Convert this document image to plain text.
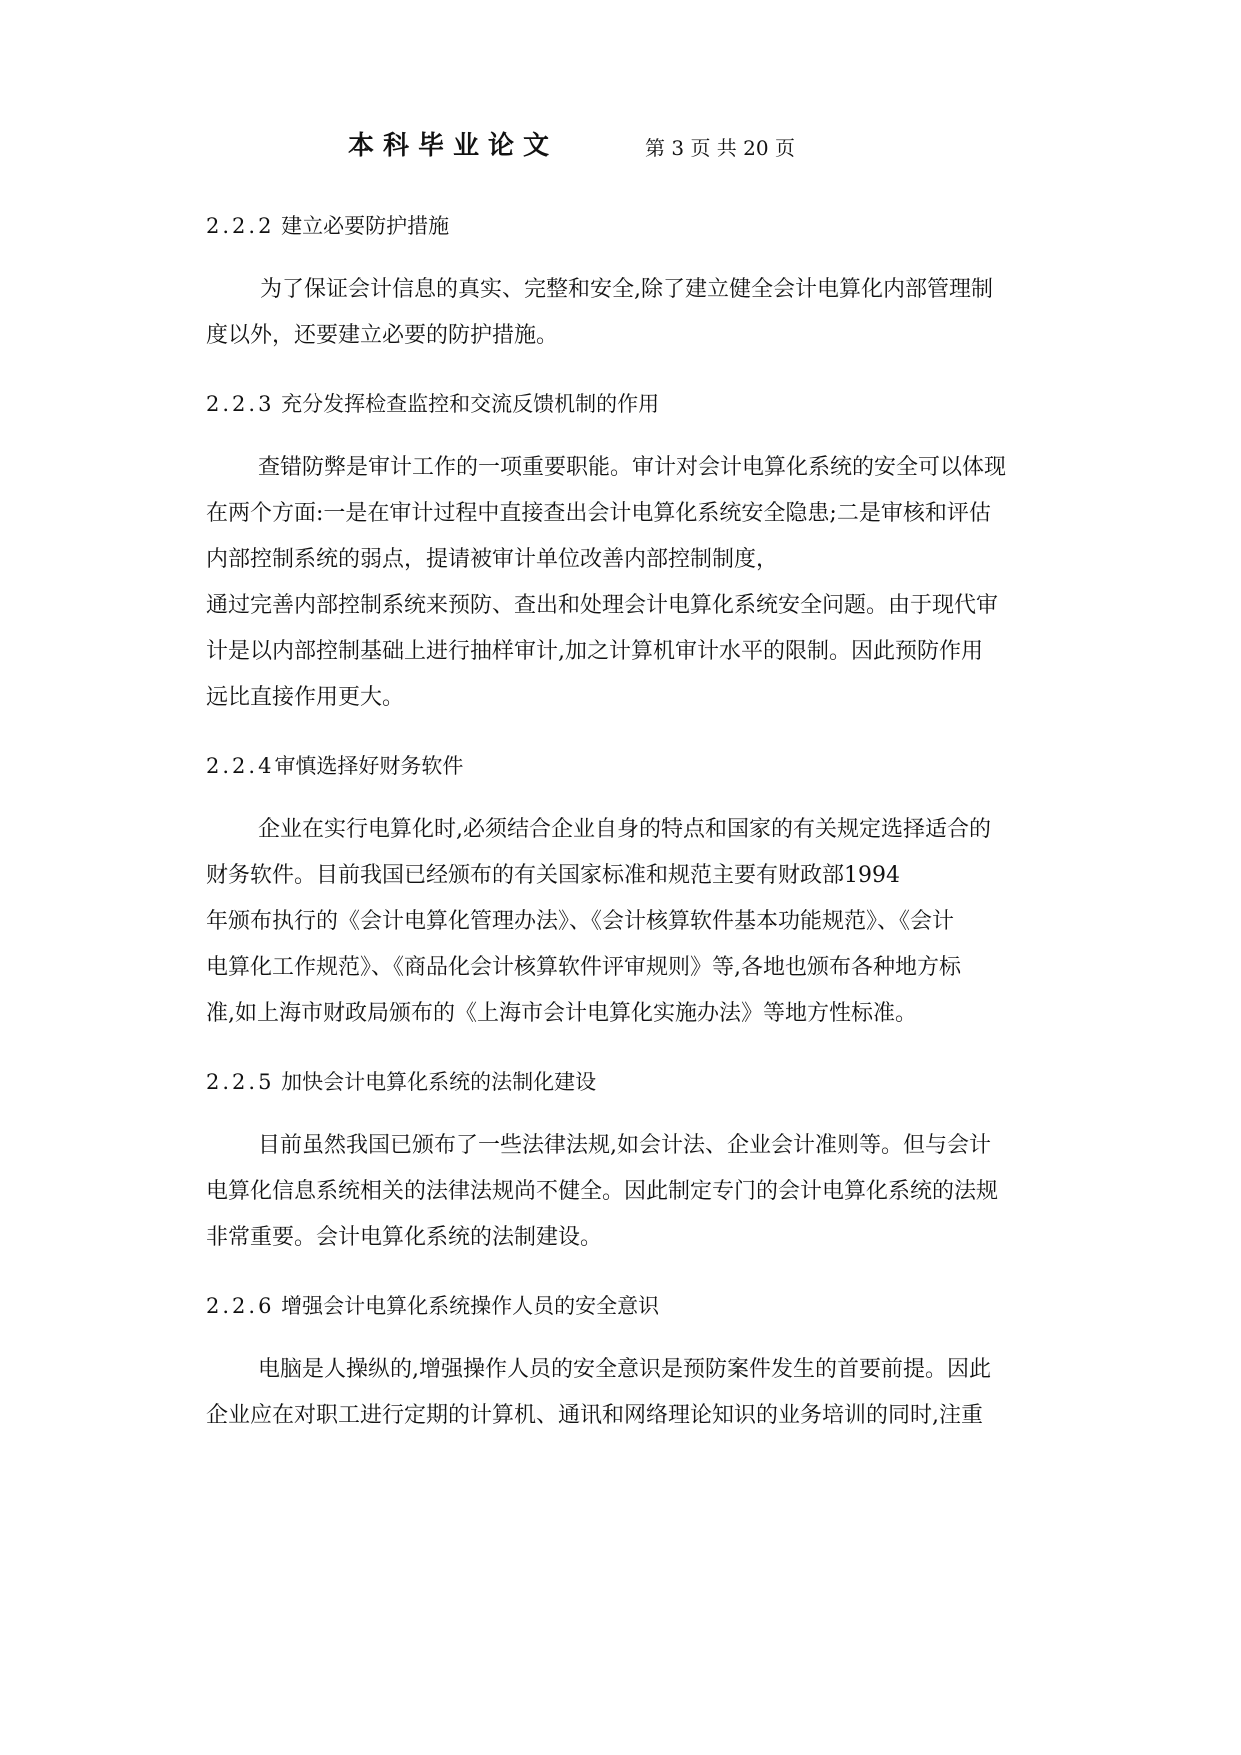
本科毕业论文	第 3 页 共 20 页
2.2.2 建立必要防护措施

为了保证会计信息的真实、完整和安全,除了建立健全会计电算化内部管理制
度以外，还要建立必要的防护措施。

2.2.3 充分发挥检查监控和交流反馈机制的作用

查错防弊是审计工作的一项重要职能。审计对会计电算化系统的安全可以体现
在两个方面:一是在审计过程中直接查出会计电算化系统安全隐患;二是审核和评估
内部控制系统的弱点，提请被审计单位改善内部控制制度，
通过完善内部控制系统来预防、查出和处理会计电算化系统安全问题。由于现代审
计是以内部控制基础上进行抽样审计,加之计算机审计水平的限制。因此预防作用
远比直接作用更大。

2.2.4审慎选择好财务软件

企业在实行电算化时,必须结合企业自身的特点和国家的有关规定选择适合的
财务软件。目前我国已经颁布的有关国家标准和规范主要有财政部1994
年颁布执行的《会计电算化管理办法》、《会计核算软件基本功能规范》、《会计
电算化工作规范》、《商品化会计核算软件评审规则》等,各地也颁布各种地方标
准,如上海市财政局颁布的《上海市会计电算化实施办法》等地方性标准。

2.2.5 加快会计电算化系统的法制化建设

目前虽然我国已颁布了一些法律法规,如会计法、企业会计准则等。但与会计
电算化信息系统相关的法律法规尚不健全。因此制定专门的会计电算化系统的法规
非常重要。会计电算化系统的法制建设。

2.2.6 增强会计电算化系统操作人员的安全意识

电脑是人操纵的,增强操作人员的安全意识是预防案件发生的首要前提。因此
企业应在对职工进行定期的计算机、通讯和网络理论知识的业务培训的同时,注重
